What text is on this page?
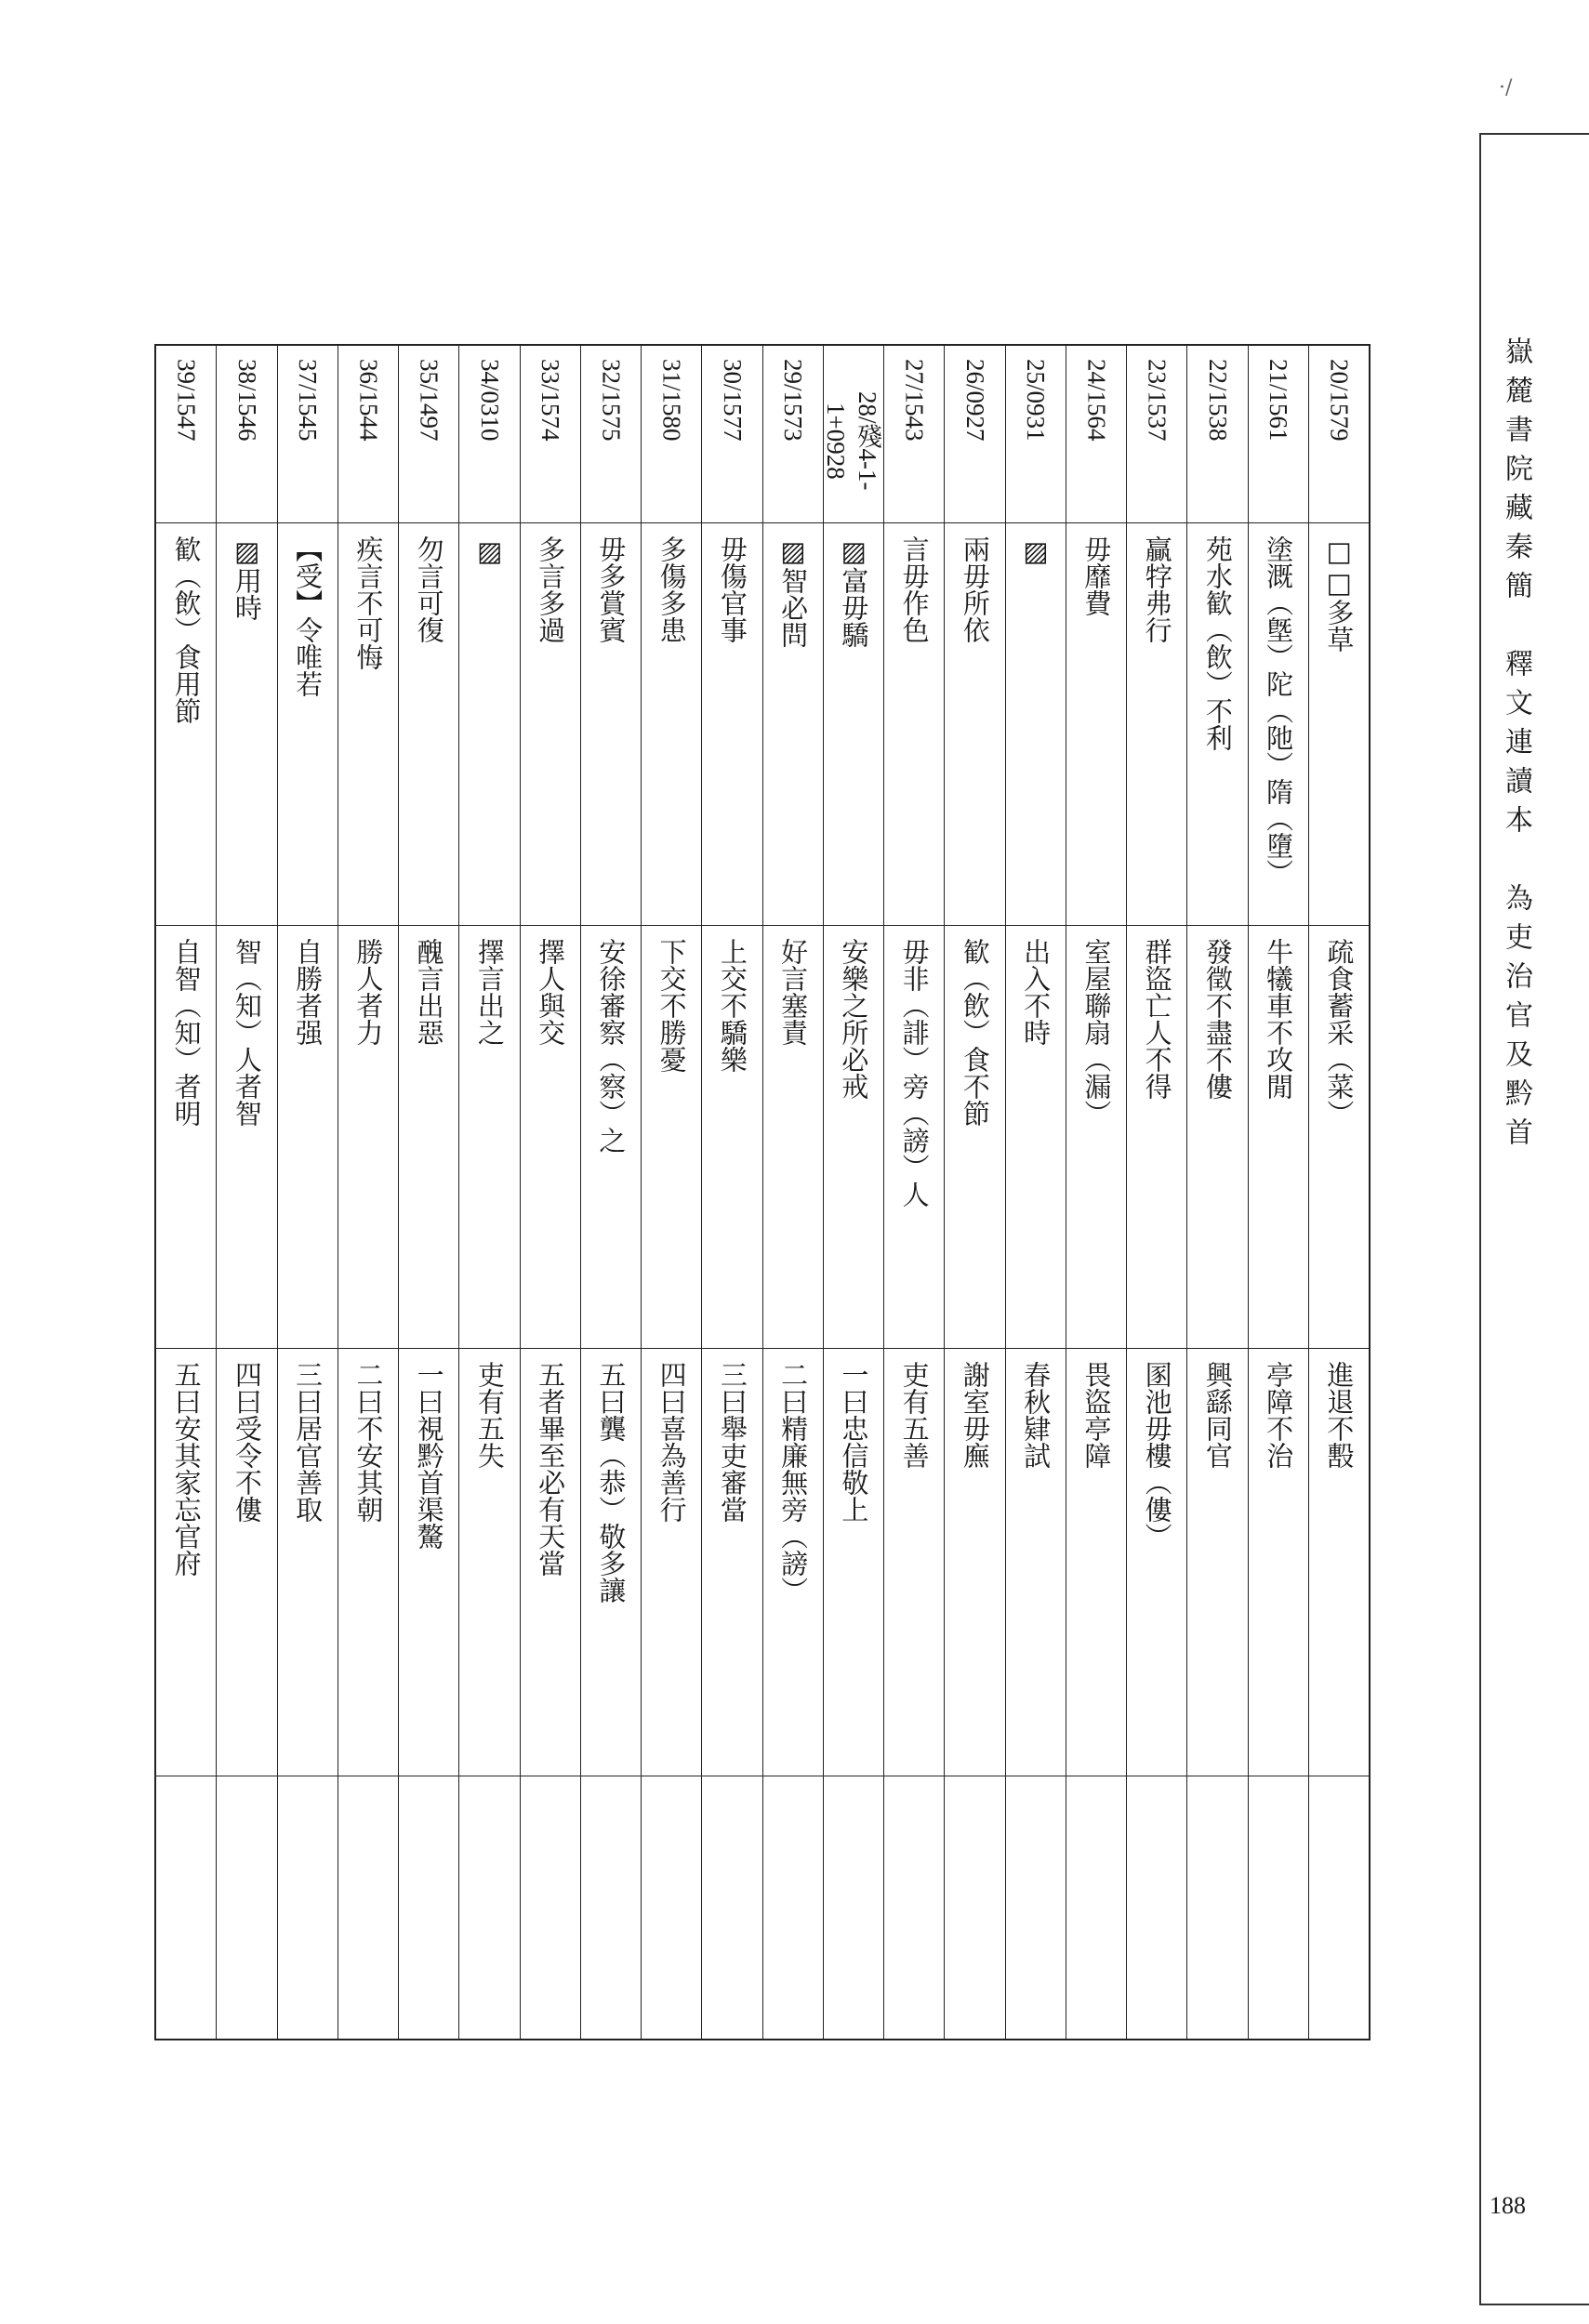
·/
嶽麓書院藏秦簡　釋文連讀本　為吏治官及黔首
188
20/1579
□□多草
疏食蓄采（菜）
進退不毄
21/1561
塗溉（墍）陀（阤）隋（墮）
牛犧車不攻閒
亭障不治
22/1538
苑水歓（飲）不利
發徵不盡不僂
興繇同官
23/1537
贏牸弗行
群盜亡人不得
圂池毋樓（僂）
24/1564
毋靡費
室屋聯扇（漏）
畏盜亭障
25/0931
▨
出入不時
春秋肄試
26/0927
兩毋所依
歓（飲）食不節
謝室毋廡
27/1543
言毋作色
毋非（誹）旁（謗）人
吏有五善
28/殘4-1-
1+0928
▨富毋驕
安樂之所必戒
一曰忠信敬上
29/1573
▨智必問
好言塞責
二曰精廉無旁（謗）
30/1577
毋傷官事
上交不驕樂
三曰舉吏審當
31/1580
多傷多患
下交不勝憂
四曰喜為善行
32/1575
毋多賞賓
安徐審察（察）之
五曰龔（恭）敬多讓
33/1574
多言多過
擇人與交
五者畢至必有天當
34/0310
▨
擇言出之
吏有五失
35/1497
勿言可復
醜言出惡
一曰視黔首渠驁
36/1544
疾言不可悔
勝人者力
二曰不安其朝
37/1545
【受】令唯若
自勝者强
三曰居官善取
38/1546
▨用時
智（知）人者智
四曰受令不僂
39/1547
歓（飲）食用節
自智（知）者明
五曰安其家忘官府
